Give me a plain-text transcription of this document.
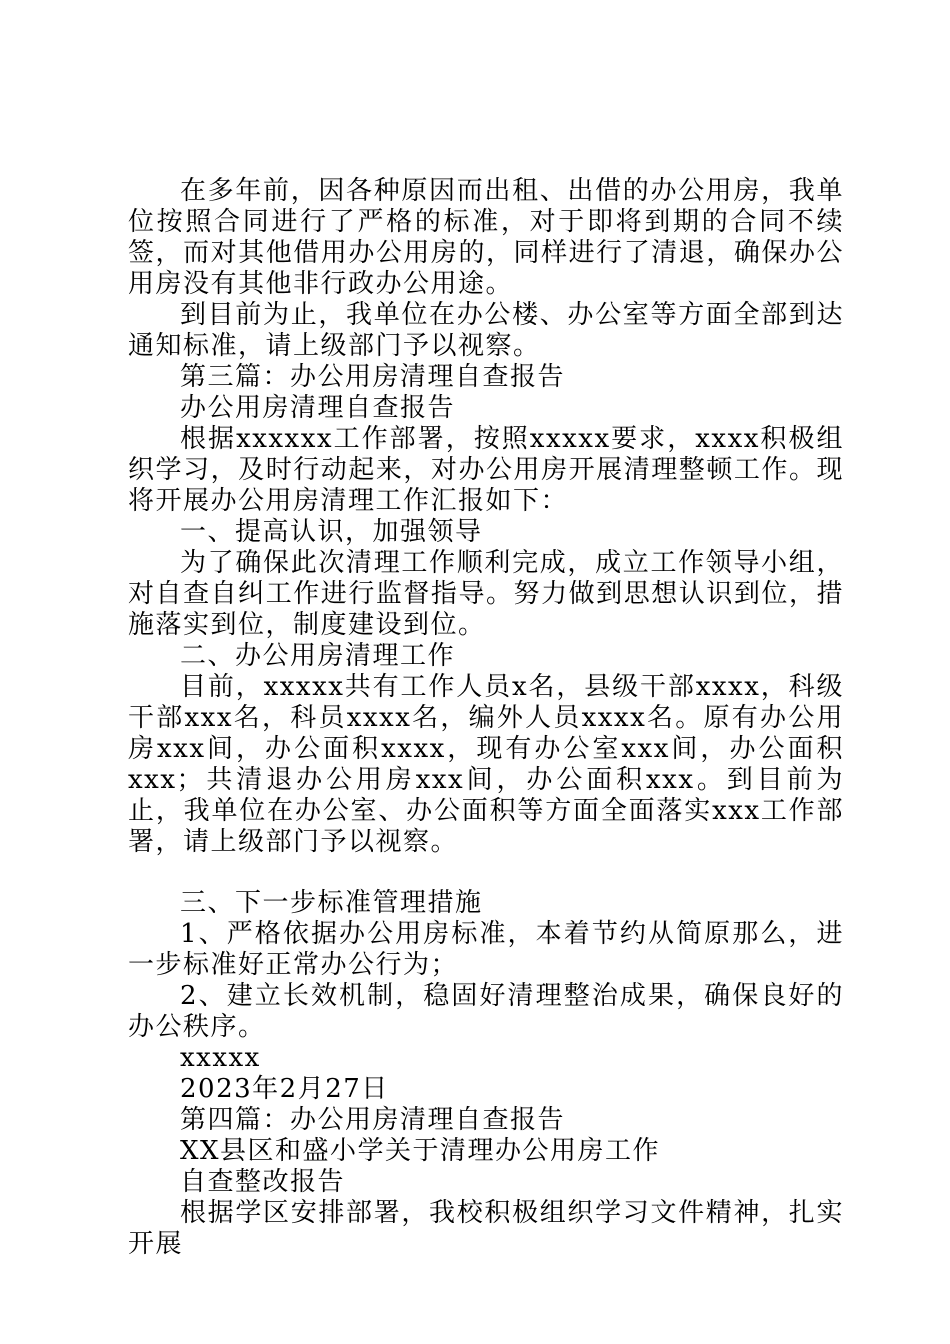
在多年前，因各种原因而出租、出借的办公用房，我单位按照合同进行了严格的标准，对于即将到期的合同不续签，而对其他借用办公用房的，同样进行了清退，确保办公用房没有其他非行政办公用途。

到目前为止，我单位在办公楼、办公室等方面全部到达通知标准，请上级部门予以视察。

第三篇：办公用房清理自查报告

办公用房清理自查报告

根据xxxxxx工作部署，按照xxxxx要求，xxxx积极组织学习，及时行动起来，对办公用房开展清理整顿工作。现将开展办公用房清理工作汇报如下：

一、提高认识，加强领导

为了确保此次清理工作顺利完成，成立工作领导小组，对自查自纠工作进行监督指导。努力做到思想认识到位，措施落实到位，制度建设到位。

二、办公用房清理工作

目前，xxxxx共有工作人员x名，县级干部xxxx，科级干部xxx名，科员xxxx名，编外人员xxxx名。原有办公用房xxx间，办公面积xxxx，现有办公室xxx间，办公面积xxx；共清退办公用房xxx间，办公面积xxx。到目前为止，我单位在办公室、办公面积等方面全面落实xxx工作部署，请上级部门予以视察。

三、下一步标准管理措施

1、严格依据办公用房标准，本着节约从简原那么，进一步标准好正常办公行为；

2、建立长效机制，稳固好清理整治成果，确保良好的办公秩序。

xxxxx

2023年2月27日

第四篇：办公用房清理自查报告

XX县区和盛小学关于清理办公用房工作

自查整改报告

根据学区安排部署，我校积极组织学习文件精神，扎实开展
